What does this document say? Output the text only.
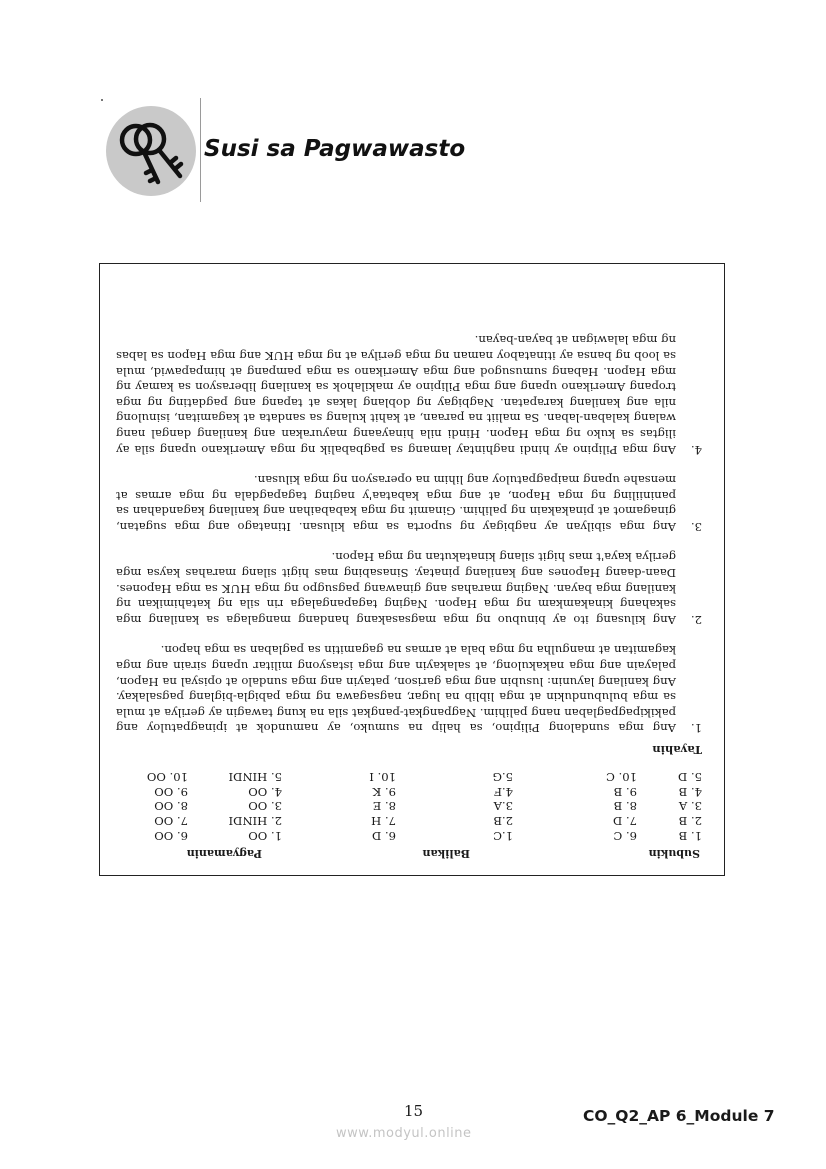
Susi sa Pagwawasto
Subukin
Balikan
Pagyamanin
1. B
2. B
3. A
4. B
5. D
6. C
7. D
8. B
9. B
10. C
1.C
2.B
3.A
4.F
5.G
6. D
7. H
8. E
9. K
10. I
1. OO
2. HINDI
3. OO
4. OO
5. HINDI
6. OO
7. OO
8. OO
9. OO
10. OO
Tayahin
1.
Ang mga sundalong Pilipino, sa halip na sumuko, ay namundok at ipinagpatuloy ang pakikipagpaglaban nang palihim. Nagpangkat-pangkat sila na kung tawagin ay gerilya at mula sa mga bulubundukin at mga liblib na lugar, nagsagawa ng mga pabigla-biglang pagsalakay. Ang kanilang layunin: lusubin ang mga garison, patayin ang mga sundalo at opisyal na Hapon, palayain ang mga nakakulong, at salakayin ang mga istasyong militar upang sirain ang mga kagamitan at mangulha ng mga bala at armas na gagamitin sa paglaban sa mga hapon.
2.
Ang kilusang ito ay binubuo ng mga magsasakang handang mangalaga sa kanilang mga sakahang kinakamkam ng mga Hapon. Naging tagapangalaga rin sila ng katahimikan ng kanilang mga bayan. Naging marahas ang ginawang pagsugpo ng mga HUK sa mga Hapones. Daan-daang Hapones ang kanilang pinatay. Sinasabing mas higit silang marahas kaysa mga gerilya kaya't mas higit silang kinatakutan ng mga Hapon.
3.
Ang mga sibilyan ay nagbigay ng suporta sa mga kilusan. Itinatago ang mga sugatan, ginagamot at pinakakain ng palihim. Ginamit ng mga kababaihan ang kanilang kagandahan sa paniniiling ng mga Hapon, at ang mga kabataa'y naging tagapagdala ng mga armas at mensahe upang maipagpatuloy ang lihim na operasyon ng mga kilusan.
4.
Ang mga Pilipino ay hindi naghintay lamang sa pagbabalik ng mga Amerikano upang sila ay iligtas sa kuko ng mga Hapon. Hindi nila hinayaang mayurakan ang kanilang dangal nang walang kalaban-laban. Sa maliit na paraan, at kahit kulang sa sandata at kagamitan, isinulong nila ang kanilang karapatan. Nagbigay ng doblang lakas at tapang ang pagdating ng mga tropang Amerikano upang ang mga Pilipino ay makilahok sa kanilang liberasyon sa kamay ng mga Hapon. Habang sumusugod ang mga Amerikano sa mga pampang at himpapawid, mula sa loob ng bansa ay itinataboy naman ng mga gerilya at ng mga HUK ang mga Hapon sa labas ng mga lalawigan at bayan-bayan.
15	CO_Q2_AP 6_Module 7
www.modyul.online
